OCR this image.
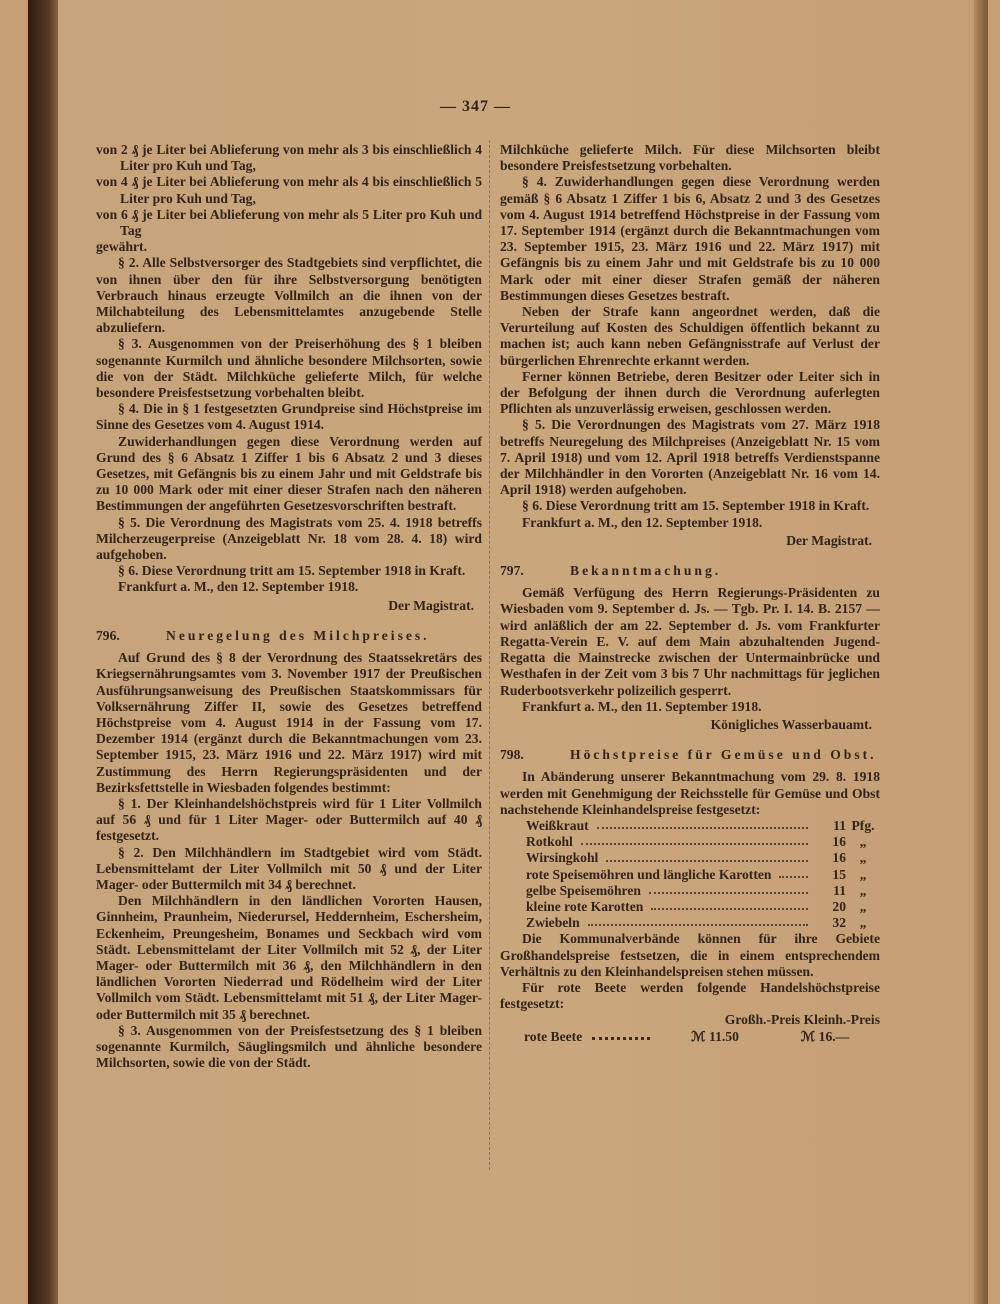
— 347 —

von 2 ₰ je Liter bei Ablieferung von mehr als 3 bis einschließlich 4 Liter pro Kuh und Tag,

von 4 ₰ je Liter bei Ablieferung von mehr als 4 bis einschließlich 5 Liter pro Kuh und Tag,

von 6 ₰ je Liter bei Ablieferung von mehr als 5 Liter pro Kuh und Tag

gewährt.

§ 2. Alle Selbstversorger des Stadtgebiets sind verpflichtet, die von ihnen über den für ihre Selbstversorgung benötigten Verbrauch hinaus erzeugte Vollmilch an die ihnen von der Milchabteilung des Lebensmittelamtes anzugebende Stelle abzuliefern.

§ 3. Ausgenommen von der Preiserhöhung des § 1 bleiben sogenannte Kurmilch und ähnliche besondere Milchsorten, sowie die von der Städt. Milchküche gelieferte Milch, für welche besondere Preisfestsetzung vorbehalten bleibt.

§ 4. Die in § 1 festgesetzten Grundpreise sind Höchstpreise im Sinne des Gesetzes vom 4. August 1914.

Zuwiderhandlungen gegen diese Verordnung werden auf Grund des § 6 Absatz 1 Ziffer 1 bis 6 Absatz 2 und 3 dieses Gesetzes, mit Gefängnis bis zu einem Jahr und mit Geldstrafe bis zu 10 000 Mark oder mit einer dieser Strafen nach den näheren Bestimmungen der angeführten Gesetzesvorschriften bestraft.

§ 5. Die Verordnung des Magistrats vom 25. 4. 1918 betreffs Milcherzeugerpreise (Anzeigeblatt Nr. 18 vom 28. 4. 18) wird aufgehoben.

§ 6. Diese Verordnung tritt am 15. September 1918 in Kraft.

Frankfurt a. M., den 12. September 1918.

Der Magistrat.

796.	Neuregelung des Milchpreises.

Auf Grund des § 8 der Verordnung des Staatssekretärs des Kriegsernährungsamtes vom 3. November 1917 der Preußischen Ausführungsanweisung des Preußischen Staatskommissars für Volksernährung Ziffer II, sowie des Gesetzes betreffend Höchstpreise vom 4. August 1914 in der Fassung vom 17. Dezember 1914 (ergänzt durch die Bekanntmachungen vom 23. September 1915, 23. März 1916 und 22. März 1917) wird mit Zustimmung des Herrn Regierungspräsidenten und der Bezirksfettstelle in Wiesbaden folgendes bestimmt:

§ 1. Der Kleinhandelshöchstpreis wird für 1 Liter Vollmilch auf 56 ₰ und für 1 Liter Mager- oder Buttermilch auf 40 ₰ festgesetzt.

§ 2. Den Milchhändlern im Stadtgebiet wird vom Städt. Lebensmittelamt der Liter Vollmilch mit 50 ₰ und der Liter Mager- oder Buttermilch mit 34 ₰ berechnet.

Den Milchhändlern in den ländlichen Vororten Hausen, Ginnheim, Praunheim, Niederursel, Heddernheim, Eschersheim, Eckenheim, Preungesheim, Bonames und Seckbach wird vom Städt. Lebensmittelamt der Liter Vollmilch mit 52 ₰, der Liter Mager- oder Buttermilch mit 36 ₰, den Milchhändlern in den ländlichen Vororten Niederrad und Rödelheim wird der Liter Vollmilch vom Städt. Lebensmittelamt mit 51 ₰, der Liter Mager- oder Buttermilch mit 35 ₰ berechnet.

§ 3. Ausgenommen von der Preisfestsetzung des § 1 bleiben sogenannte Kurmilch, Säuglingsmilch und ähnliche besondere Milchsorten, sowie die von der Städt.

Milchküche gelieferte Milch. Für diese Milchsorten bleibt besondere Preisfestsetzung vorbehalten.

§ 4. Zuwiderhandlungen gegen diese Verordnung werden gemäß § 6 Absatz 1 Ziffer 1 bis 6, Absatz 2 und 3 des Gesetzes vom 4. August 1914 betreffend Höchstpreise in der Fassung vom 17. September 1914 (ergänzt durch die Bekanntmachungen vom 23. September 1915, 23. März 1916 und 22. März 1917) mit Gefängnis bis zu einem Jahr und mit Geldstrafe bis zu 10 000 Mark oder mit einer dieser Strafen gemäß der näheren Bestimmungen dieses Gesetzes bestraft.

Neben der Strafe kann angeordnet werden, daß die Verurteilung auf Kosten des Schuldigen öffentlich bekannt zu machen ist; auch kann neben Gefängnisstrafe auf Verlust der bürgerlichen Ehrenrechte erkannt werden.

Ferner können Betriebe, deren Besitzer oder Leiter sich in der Befolgung der ihnen durch die Verordnung auferlegten Pflichten als unzuverlässig erweisen, geschlossen werden.

§ 5. Die Verordnungen des Magistrats vom 27. März 1918 betreffs Neuregelung des Milchpreises (Anzeigeblatt Nr. 15 vom 7. April 1918) und vom 12. April 1918 betreffs Verdienstspanne der Milchhändler in den Vororten (Anzeigeblatt Nr. 16 vom 14. April 1918) werden aufgehoben.

§ 6. Diese Verordnung tritt am 15. September 1918 in Kraft.

Frankfurt a. M., den 12. September 1918.

Der Magistrat.

797.	Bekanntmachung.

Gemäß Verfügung des Herrn Regierungs-Präsidenten zu Wiesbaden vom 9. September d. Js. — Tgb. Pr. I. 14. B. 2157 — wird anläßlich der am 22. September d. Js. vom Frankfurter Regatta-Verein E. V. auf dem Main abzuhaltenden Jugend-Regatta die Mainstrecke zwischen der Untermainbrücke und Westhafen in der Zeit vom 3 bis 7 Uhr nachmittags für jeglichen Ruderbootsverkehr polizeilich gesperrt.

Frankfurt a. M., den 11. September 1918.

Königliches Wasserbauamt.

798.	Höchstpreise für Gemüse und Obst.

In Abänderung unserer Bekanntmachung vom 29. 8. 1918 werden mit Genehmigung der Reichsstelle für Gemüse und Obst nachstehende Kleinhandelspreise festgesetzt:

Weißkraut	11 Pfg.
Rotkohl	16 „
Wirsingkohl	16 „
rote Speisemöhren und längliche Karotten	15 „
gelbe Speisemöhren	11 „
kleine rote Karotten	20 „
Zwiebeln	32 „

Die Kommunalverbände können für ihre Gebiete Großhandelspreise festsetzen, die in einem entsprechendem Verhältnis zu den Kleinhandelspreisen stehen müssen.

Für rote Beete werden folgende Handelshöchstpreise festgesetzt:

Großh.-Preis Kleinh.-Preis
rote Beete	ℳ 11.50	ℳ 16.—
